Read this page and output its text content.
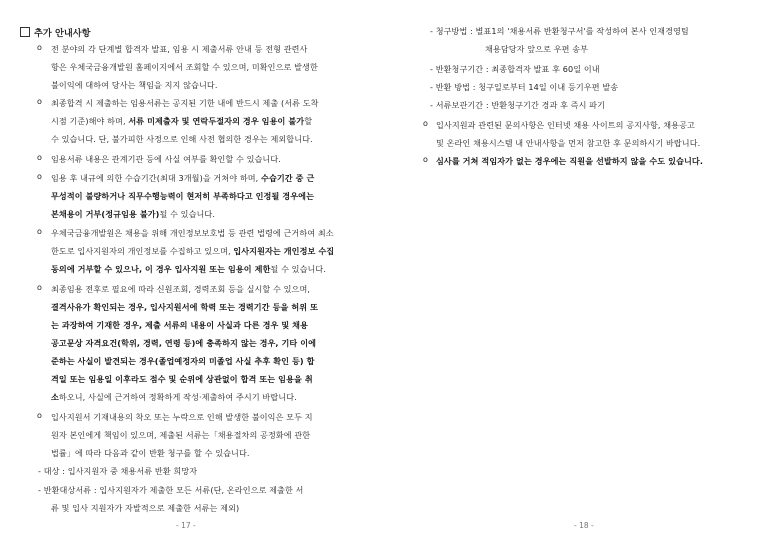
추가 안내사항
전 분야의 각 단계별 합격자 발표, 임용 시 제출서류 안내 등 전형 관련사
항은 우체국금융개발원 홈페이지에서 조회할 수 있으며, 미확인으로 발생한
불이익에 대하여 당사는 책임을 지지 않습니다.
최종합격 시 제출하는 임용서류는 공지된 기한 내에 반드시 제출 (서류 도착
시점 기준)해야 하며, 서류 미제출자 및 연락두절자의 경우 임용이 불가할
수 있습니다. 단, 불가피한 사정으로 인해 사전 협의한 경우는 제외합니다.
임용서류 내용은 관계기관 등에 사실 여부를 확인할 수 있습니다.
임용 후 내규에 의한 수습기간(최대 3개월)을 거쳐야 하며, 수습기간 중 근
무성적이 불량하거나 직무수행능력이 현저히 부족하다고 인정될 경우에는
본채용이 거부(정규임용 불가)될 수 있습니다.
우체국금융개발원은 채용을 위해 개인정보보호법 등 관련 법령에 근거하여 최소
한도로 입사지원자의 개인정보를 수집하고 있으며, 입사지원자는 개인정보 수집
동의에 거부할 수 있으나, 이 경우 입사지원 또는 임용이 제한될 수 있습니다.
최종임용 전후로 필요에 따라 신원조회, 경력조회 등을 실시할 수 있으며,
결격사유가 확인되는 경우, 입사지원서에 학력 또는 경력기간 등을 허위 또
는 과장하여 기재한 경우, 제출 서류의 내용이 사실과 다른 경우 및 채용
공고문상 자격요건(학위, 경력, 연령 등)에 충족하지 않는 경우, 기타 이에
준하는 사실이 발견되는 경우(졸업예정자의 미졸업 사실 추후 확인 등) 합
격일 또는 임용일 이후라도 점수 및 순위에 상관없이 합격 또는 임용을 취
소하오니, 사실에 근거하여 정확하게 작성·제출하여 주시기 바랍니다.
입사지원서 기재내용의 착오 또는 누락으로 인해 발생한 불이익은 모두 지
원자 본인에게 책임이 있으며, 제출된 서류는「채용절차의 공정화에 관한
법률」에 따라 다음과 같이 반환 청구를 할 수 있습니다.
- 대상 : 입사지원자 중 채용서류 반환 희망자
- 반환대상서류 : 입사지원자가 제출한 모든 서류(단, 온라인으로 제출한 서
류 및 입사 지원자가 자발적으로 제출한 서류는 제외)
o
o
o
o
o
o
o
- 17 -
- 청구방법 : 별표1의 '채용서류 반환청구서'를 작성하여 본사 인재경영팀
채용담당자 앞으로 우편 송부
- 반환청구기간 : 최종합격자 발표 후 60일 이내
- 반환 방법 : 청구일로부터 14일 이내 등기우편 발송
- 서류보관기간 : 반환청구기간 경과 후 즉시 파기
입사지원과 관련된 문의사항은 인터넷 채용 사이트의 공지사항, 채용공고
및 온라인 채용시스템 내 안내사항을 먼저 참고한 후 문의하시기 바랍니다.
심사를 거쳐 적임자가 없는 경우에는 직원을 선발하지 않을 수도 있습니다.
o
o
- 18 -
